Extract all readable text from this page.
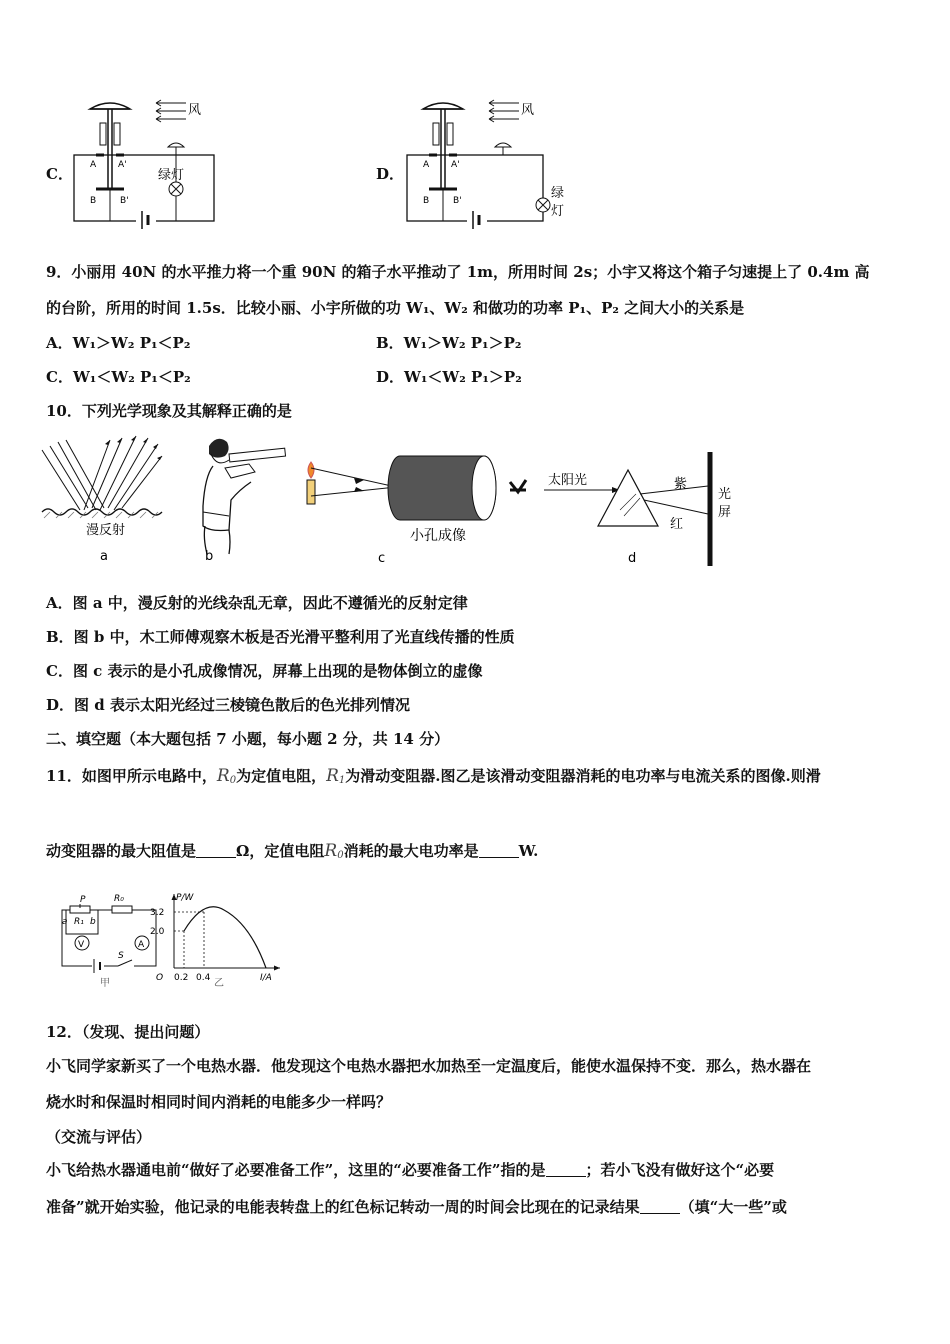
C．
风
A A'
B	B'
绿灯	D．
风
A A'
B	B'	绿
灯
9．小丽用 40N 的水平推力将一个重 90N 的箱子水平推动了 1m，所用时间 2s；小宇又将这个箱子匀速提上了 0.4m 高
的台阶，所用的时间 1.5s．比较小丽、小宇所做的功 W₁、W₂ 和做功的功率 P₁、P₂ 之间大小的关系是
A．W₁＞W₂ P₁＜P₂	B．W₁＞W₂ P₁＞P₂
C．W₁＜W₂ P₁＜P₂	D．W₁＜W₂ P₁＞P₂
10．下列光学现象及其解释正确的是
漫反射
a	b
小孔成像
c
太阳光	紫
红
光
屏
d
A．图 a 中，漫反射的光线杂乱无章，因此不遵循光的反射定律
B．图 b 中，木工师傅观察木板是否光滑平整利用了光直线传播的性质
C．图 c 表示的是小孔成像情况，屏幕上出现的是物体倒立的虚像
D．图 d 表示太阳光经过三棱镜色散后的色光排列情况
二、填空题（本大题包括 7 小题，每小题 2 分，共 14 分）
11．如图甲所示电路中，R0为定值电阻，R1为滑动变阻器.图乙是该滑动变阻器消耗的电功率与电流关系的图像.则滑
动变阻器的最大阻值是	Ω，定值电阻R0消耗的最大电功率是	W.
P	R₀
a R₁ b
V	A
S
甲
P/W
I/A
O
3.2
2.0
0.2 0.4 乙
12．（发现、提出问题）
小飞同学家新买了一个电热水器．他发现这个电热水器把水加热至一定温度后，能使水温保持不变．那么，热水器在
烧水时和保温时相同时间内消耗的电能多少一样吗？
（交流与评估）
小飞给热水器通电前“做好了必要准备工作”，这里的“必要准备工作”指的是	；若小飞没有做好这个“必要
准备”就开始实验，他记录的电能表转盘上的红色标记转动一周的时间会比现在的记录结果	（填“大一些”或
